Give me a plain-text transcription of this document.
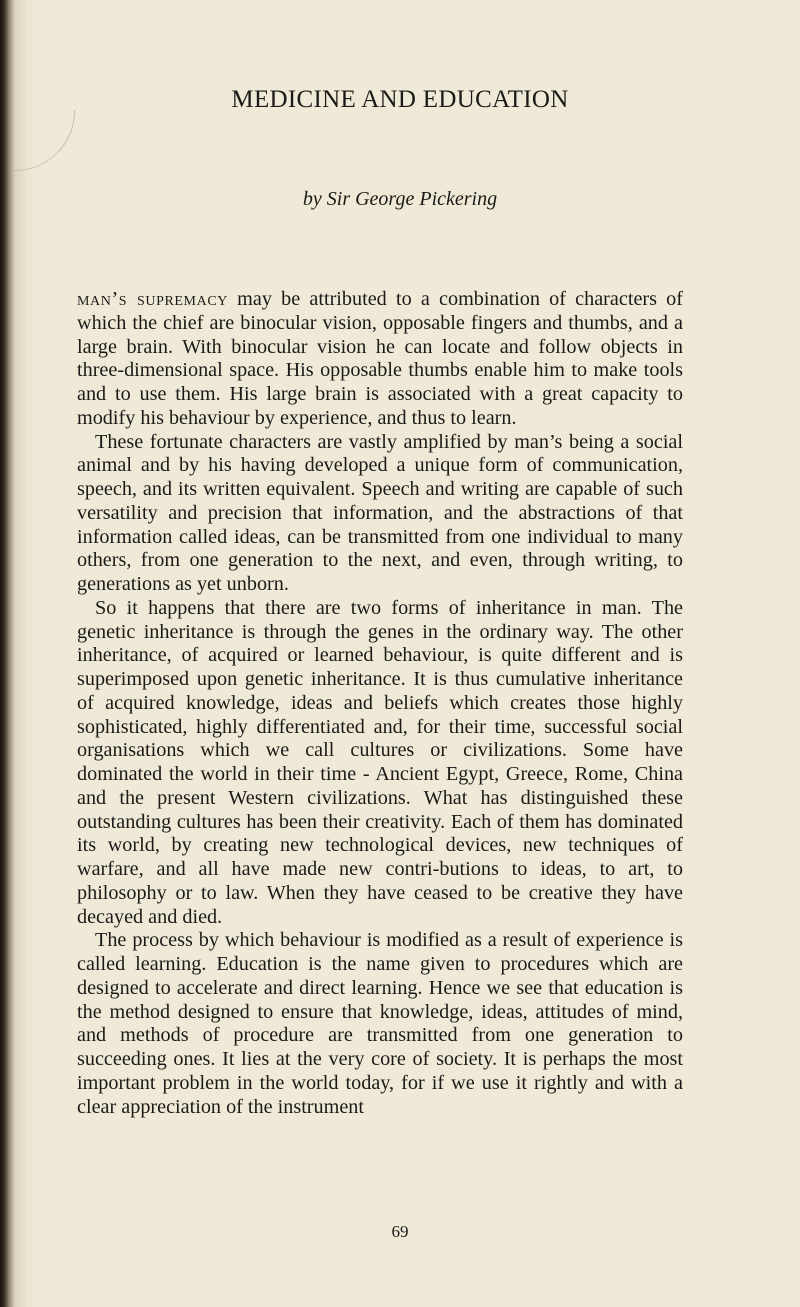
MEDICINE AND EDUCATION

by Sir George Pickering

man’s supremacy may be attributed to a combination of characters of which the chief are binocular vision, opposable fingers and thumbs, and a large brain. With binocular vision he can locate and follow objects in three-dimensional space. His opposable thumbs enable him to make tools and to use them. His large brain is associated with a great capacity to modify his behaviour by experience, and thus to learn.

These fortunate characters are vastly amplified by man’s being a social animal and by his having developed a unique form of communication, speech, and its written equivalent. Speech and writing are capable of such versatility and precision that information, and the abstractions of that information called ideas, can be transmitted from one individual to many others, from one generation to the next, and even, through writing, to generations as yet unborn.

So it happens that there are two forms of inheritance in man. The genetic inheritance is through the genes in the ordinary way. The other inheritance, of acquired or learned behaviour, is quite different and is superimposed upon genetic inheritance. It is thus cumulative inheritance of acquired knowledge, ideas and beliefs which creates those highly sophisticated, highly differentiated and, for their time, successful social organisations which we call cultures or civilizations. Some have dominated the world in their time - Ancient Egypt, Greece, Rome, China and the present Western civilizations. What has distinguished these outstanding cultures has been their creativity. Each of them has dominated its world, by creating new technological devices, new techniques of warfare, and all have made new contri-butions to ideas, to art, to philosophy or to law. When they have ceased to be creative they have decayed and died.

The process by which behaviour is modified as a result of experience is called learning. Education is the name given to procedures which are designed to accelerate and direct learning. Hence we see that education is the method designed to ensure that knowledge, ideas, attitudes of mind, and methods of procedure are transmitted from one generation to succeeding ones. It lies at the very core of society. It is perhaps the most important problem in the world today, for if we use it rightly and with a clear appreciation of the instrument

69
